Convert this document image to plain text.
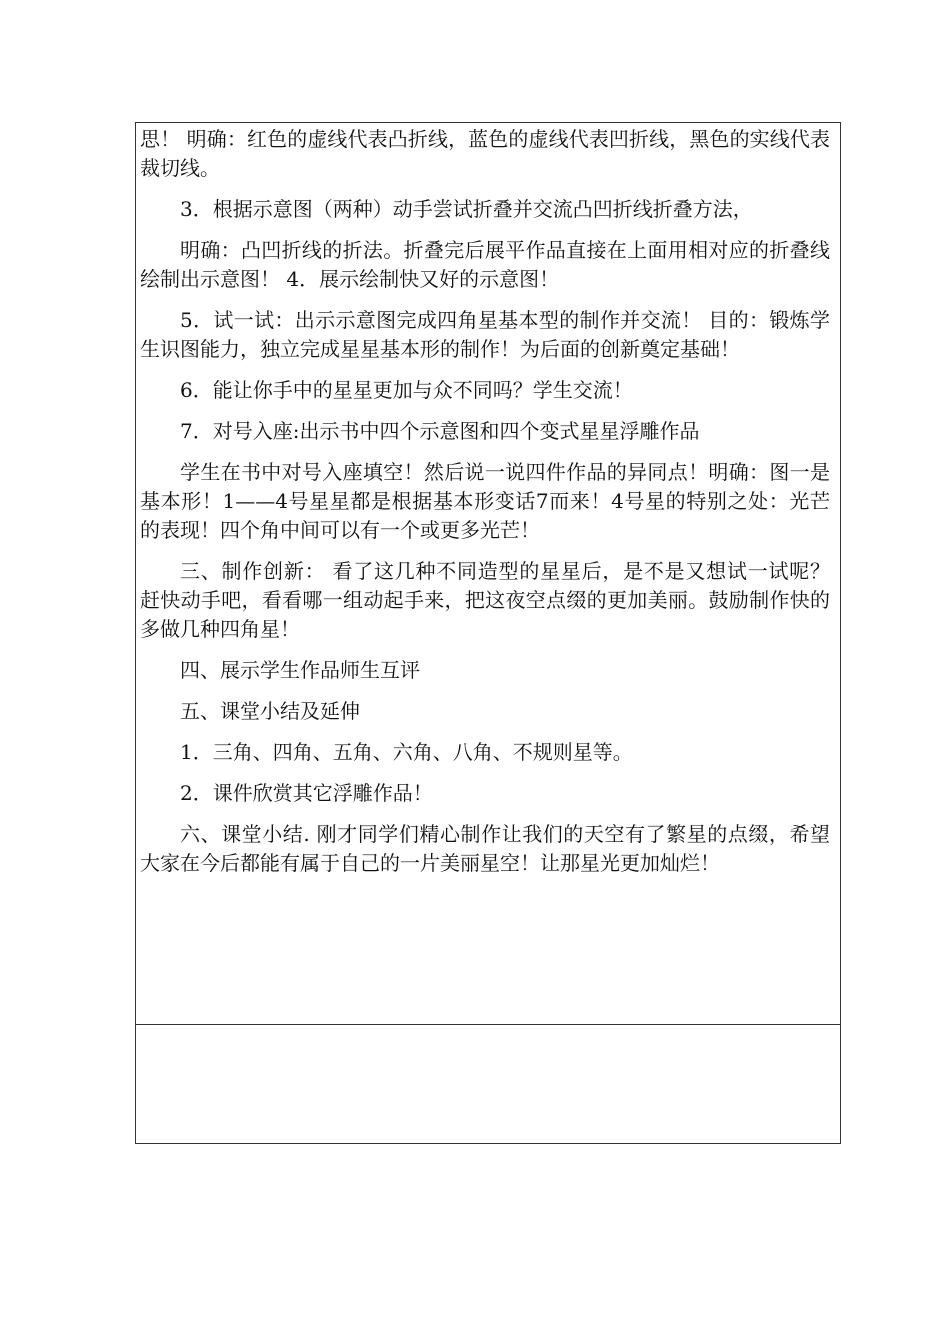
思！ 明确：红色的虚线代表凸折线，蓝色的虚线代表凹折线，黑色的实线代表裁切线。

3．根据示意图（两种）动手尝试折叠并交流凸凹折线折叠方法，

明确：凸凹折线的折法。折叠完后展平作品直接在上面用相对应的折叠线绘制出示意图！ 4．展示绘制快又好的示意图！

5．试一试：出示示意图完成四角星基本型的制作并交流！ 目的：锻炼学生识图能力，独立完成星星基本形的制作！为后面的创新奠定基础！

6．能让你手中的星星更加与众不同吗？学生交流！

7．对号入座:出示书中四个示意图和四个变式星星浮雕作品

学生在书中对号入座填空！然后说一说四件作品的异同点！明确：图一是基本形！1——4号星星都是根据基本形变话7而来！4号星的特别之处：光芒的表现！四个角中间可以有一个或更多光芒！

三、制作创新： 看了这几种不同造型的星星后，是不是又想试一试呢？ 赶快动手吧，看看哪一组动起手来，把这夜空点缀的更加美丽。鼓励制作快的多做几种四角星！

四、展示学生作品师生互评

五、课堂小结及延伸

1．三角、四角、五角、六角、八角、不规则星等。

2．课件欣赏其它浮雕作品！

六、课堂小结. 刚才同学们精心制作让我们的天空有了繁星的点缀，希望大家在今后都能有属于自己的一片美丽星空！让那星光更加灿烂！
